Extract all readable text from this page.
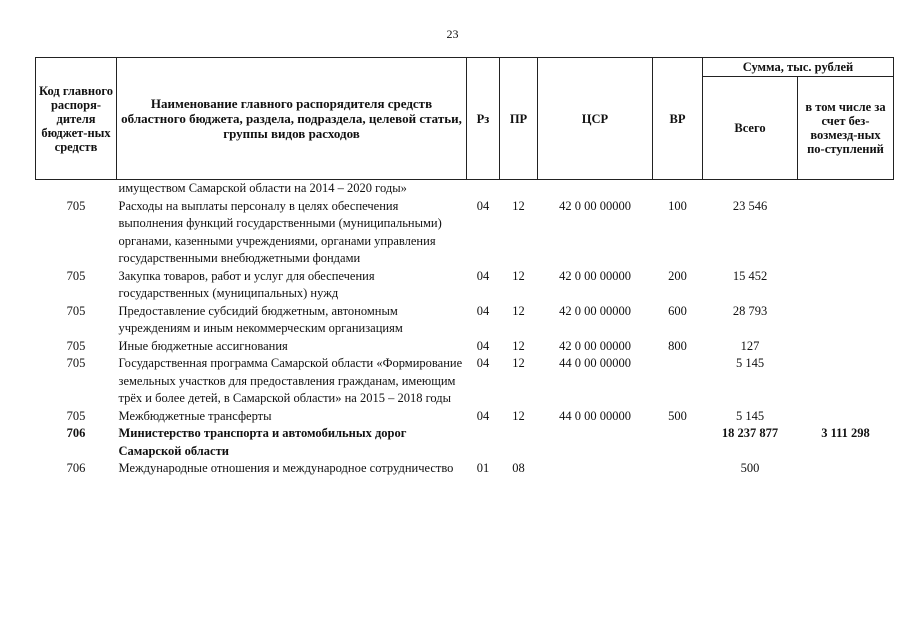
23
Код главного распоря-дителя бюджет-ных средств	Наименование главного распорядителя средств областного бюджета, раздела, подраздела, целевой статьи, группы видов расходов	Рз	ПР	ЦСР	ВР	Сумма, тыс. рублей	
						Всего	в том числе за счет без-возмезд-ных по-ступлений
	имуществом Самарской области на 2014 – 2020 годы»						
705	Расходы на выплаты персоналу в целях обеспечения выполнения функций государственными (муниципальными) органами, казенными учреждениями, органами управления государственными внебюджетными фондами	04	12	42 0 00 00000	100	23 546	
705	Закупка товаров, работ и услуг для обеспечения государственных (муниципальных) нужд	04	12	42 0 00 00000	200	15 452	
705	Предоставление субсидий бюджетным, автономным учреждениям и иным некоммерческим организациям	04	12	42 0 00 00000	600	28 793	
705	Иные бюджетные ассигнования	04	12	42 0 00 00000	800	127	
705	Государственная программа Самарской области «Формирование земельных участков для предоставления гражданам, имеющим трёх и более детей, в Самарской области» на 2015 – 2018 годы	04	12	44 0 00 00000		5 145	
705	Межбюджетные трансферты	04	12	44 0 00 00000	500	5 145	
706	Министерство транспорта и автомобильных дорог Самарской области					18 237 877	3 111 298
706	Международные отношения и международное сотрудничество	01	08			500	
